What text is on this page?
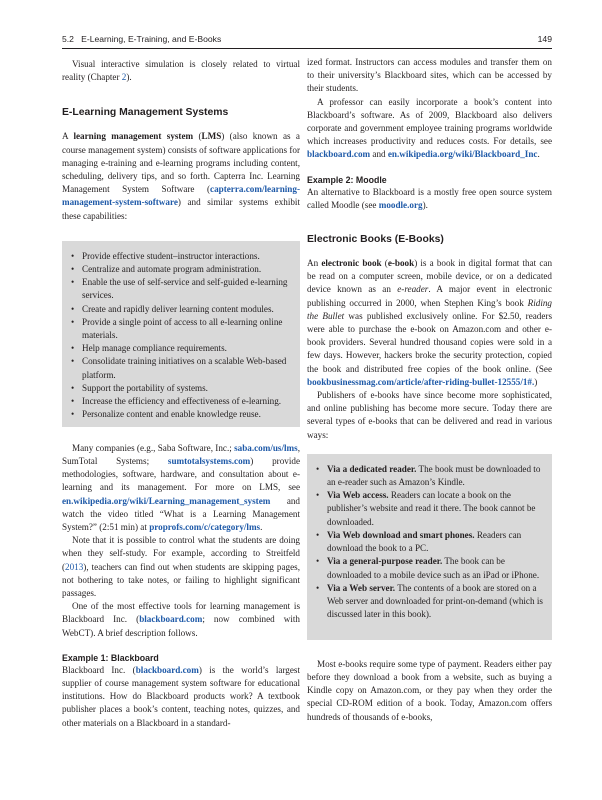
5.2 E-Learning, E-Training, and E-Books	149

Visual interactive simulation is closely related to virtual reality (Chapter 2).

E-Learning Management Systems

A learning management system (LMS) (also known as a course management system) consists of software applications for managing e-training and e-learning programs including content, scheduling, delivery tips, and so forth. Capterra Inc. Learning Management System Software (capterra.com/learning-management-system-software) and similar systems exhibit these capabilities:

• Provide effective student–instructor interactions.
• Centralize and automate program administration.
• Enable the use of self-service and self-guided e-learning services.
• Create and rapidly deliver learning content modules.
• Provide a single point of access to all e-learning online materials.
• Help manage compliance requirements.
• Consolidate training initiatives on a scalable Web-based platform.
• Support the portability of systems.
• Increase the efficiency and effectiveness of e-learning.
• Personalize content and enable knowledge reuse.

Many companies (e.g., Saba Software, Inc.; saba.com/us/lms, SumTotal Systems; sumtotalsystems.com) provide methodologies, software, hardware, and consultation about e-learning and its management. For more on LMS, see en.wikipedia.org/wiki/Learning_management_system and watch the video titled “What is a Learning Management System?” (2:51 min) at proprofs.com/c/category/lms.

Note that it is possible to control what the students are doing when they self-study. For example, according to Streitfeld (2013), teachers can find out when students are skipping pages, not bothering to take notes, or failing to highlight significant passages.

One of the most effective tools for learning management is Blackboard Inc. (blackboard.com; now combined with WebCT). A brief description follows.

Example 1: Blackboard

Blackboard Inc. (blackboard.com) is the world’s largest supplier of course management system software for educational institutions. How do Blackboard products work? A textbook publisher places a book’s content, teaching notes, quizzes, and other materials on a Blackboard in a standard-

ized format. Instructors can access modules and transfer them on to their university’s Blackboard sites, which can be accessed by their students.

A professor can easily incorporate a book’s content into Blackboard’s software. As of 2009, Blackboard also delivers corporate and government employee training programs worldwide which increases productivity and reduces costs. For details, see blackboard.com and en.wikipedia.org/wiki/Blackboard_Inc.

Example 2: Moodle

An alternative to Blackboard is a mostly free open source system called Moodle (see moodle.org).

Electronic Books (E-Books)

An electronic book (e-book) is a book in digital format that can be read on a computer screen, mobile device, or on a dedicated device known as an e-reader. A major event in electronic publishing occurred in 2000, when Stephen King’s book Riding the Bullet was published exclusively online. For $2.50, readers were able to purchase the e-book on Amazon.com and other e-book providers. Several hundred thousand copies were sold in a few days. However, hackers broke the security protection, copied the book and distributed free copies of the book online. (See bookbusinessmag.com/article/after-riding-bullet-12555/1#.)

Publishers of e-books have since become more sophisticated, and online publishing has become more secure. Today there are several types of e-books that can be delivered and read in various ways:

• Via a dedicated reader. The book must be downloaded to an e-reader such as Amazon’s Kindle.
• Via Web access. Readers can locate a book on the publisher’s website and read it there. The book cannot be downloaded.
• Via Web download and smart phones. Readers can download the book to a PC.
• Via a general-purpose reader. The book can be downloaded to a mobile device such as an iPad or iPhone.
• Via a Web server. The contents of a book are stored on a Web server and downloaded for print-on-demand (which is discussed later in this book).

Most e-books require some type of payment. Readers either pay before they download a book from a website, such as buying a Kindle copy on Amazon.com, or they pay when they order the special CD-ROM edition of a book. Today, Amazon.com offers hundreds of thousands of e-books,
